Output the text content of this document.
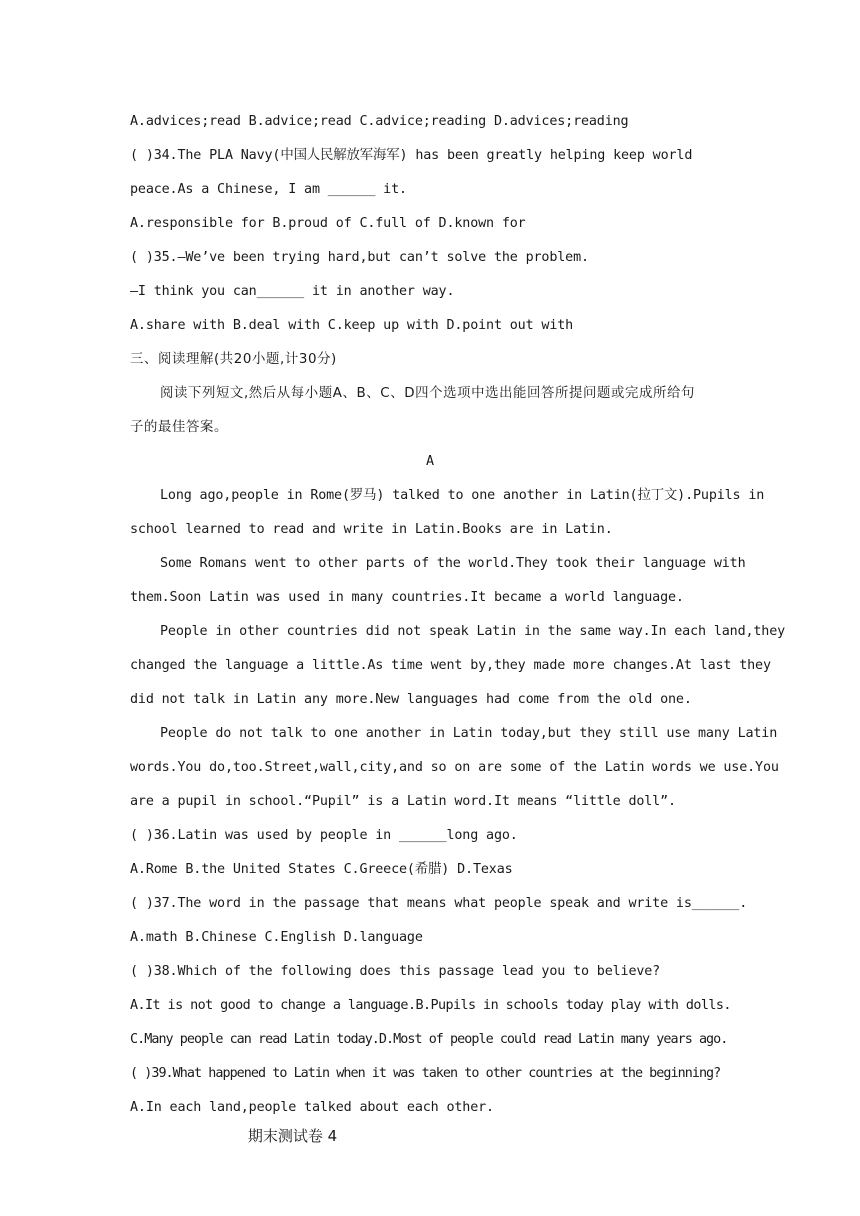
A.advices;read B.advice;read C.advice;reading D.advices;reading
( )34.The PLA Navy(中国人民解放军海军) has been greatly helping keep world
peace.As a Chinese, I am ______ it.
A.responsible for B.proud of C.full of D.known for
( )35.—We’ve been trying hard,but can’t solve the problem.
—I think you can______ it in another way.
A.share with B.deal with C.keep up with D.point out with
三、阅读理解(共20小题,计30分)
阅读下列短文,然后从每小题A、B、C、D四个选项中选出能回答所提问题或完成所给句
子的最佳答案。
A
Long ago,people in Rome(罗马) talked to one another in Latin(拉丁文).Pupils in
school learned to read and write in Latin.Books are in Latin.
Some Romans went to other parts of the world.They took their language with
them.Soon Latin was used in many countries.It became a world language.
People in other countries did not speak Latin in the same way.In each land,they
changed the language a little.As time went by,they made more changes.At last they
did not talk in Latin any more.New languages had come from the old one.
People do not talk to one another in Latin today,but they still use many Latin
words.You do,too.Street,wall,city,and so on are some of the Latin words we use.You
are a pupil in school.“Pupil” is a Latin word.It means “little doll”.
( )36.Latin was used by people in ______long ago.
A.Rome B.the United States C.Greece(希腊) D.Texas
( )37.The word in the passage that means what people speak and write is______.
A.math B.Chinese C.English D.language
( )38.Which of the following does this passage lead you to believe?
A.It is not good to change a language.B.Pupils in schools today play with dolls.
C.Many people can read Latin today.D.Most of people could read Latin many years ago.
( )39.What happened to Latin when it was taken to other countries at the beginning?
A.In each land,people talked about each other.
期末测试卷 4
